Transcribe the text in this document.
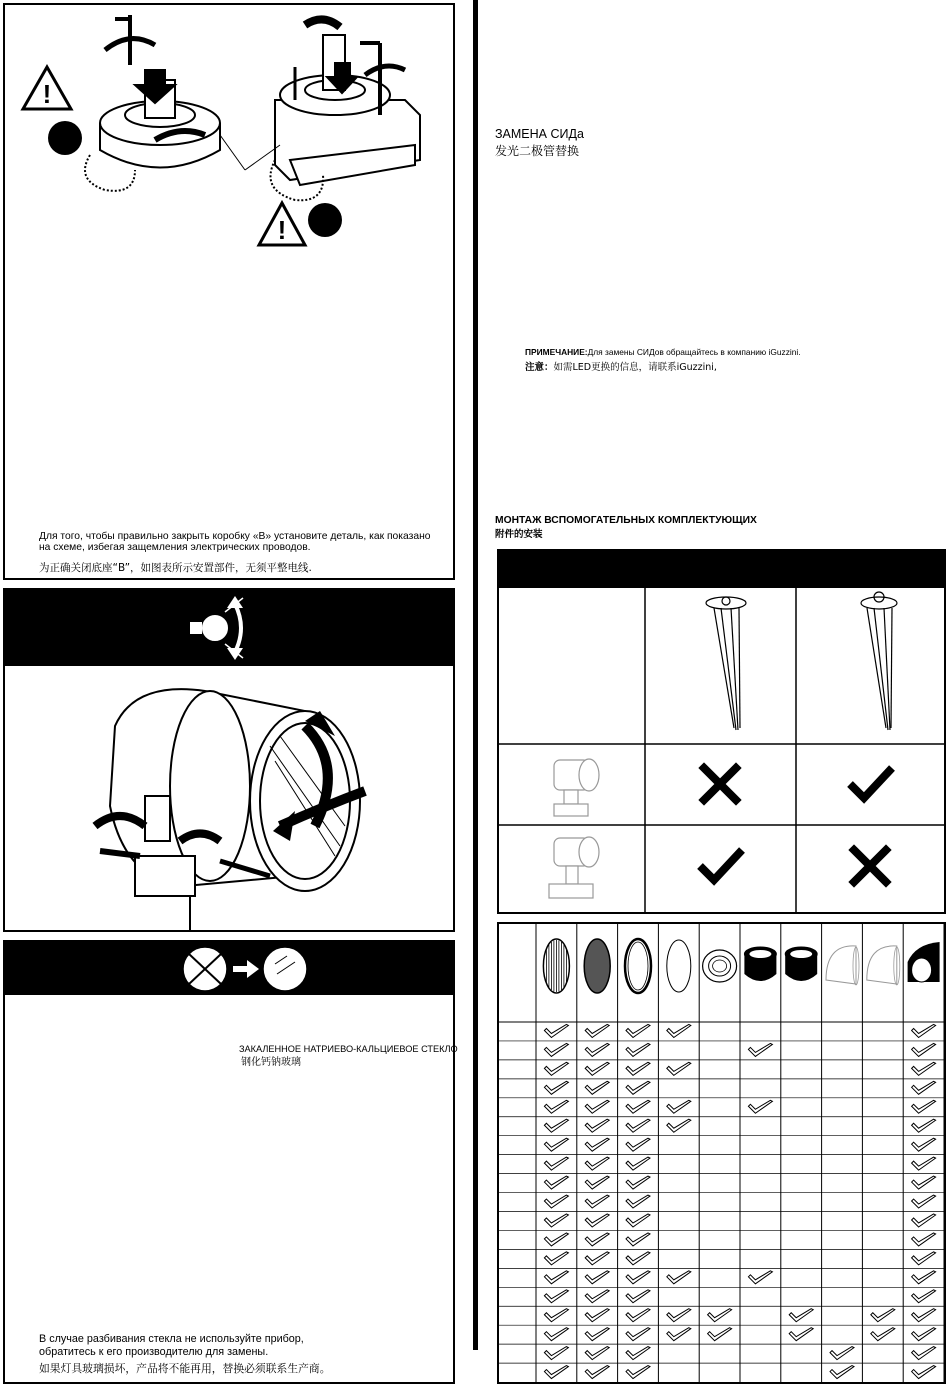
!
!
Для того, чтобы правильно закрыть коробку «В» установите деталь, как показано
на схеме, избегая защемления электрических проводов.
为正确关闭底座“B”，如图表所示安置部件，无须平整电线.
ЗАКАЛЕННОЕ НАТРИЕВО-КАЛЬЦИЕВОЕ СТЕКЛО
钢化钙钠玻璃
В случае разбивания стекла не используйте прибор,
обратитесь к его производителю для замены.
如果灯具玻璃损坏，产品将不能再用，替换必须联系生产商。
ЗАМЕНА СИДа
发光二极管替换
ПРИМЕЧАНИЕ:Для замены СИДов обращайтесь в компанию iGuzzini.
注意：如需LED更换的信息，请联系iGuzzini,
МОНТАЖ ВСПОМОГАТЕЛЬНЫХ КОМПЛЕКТУЮЩИХ
附件的安装
